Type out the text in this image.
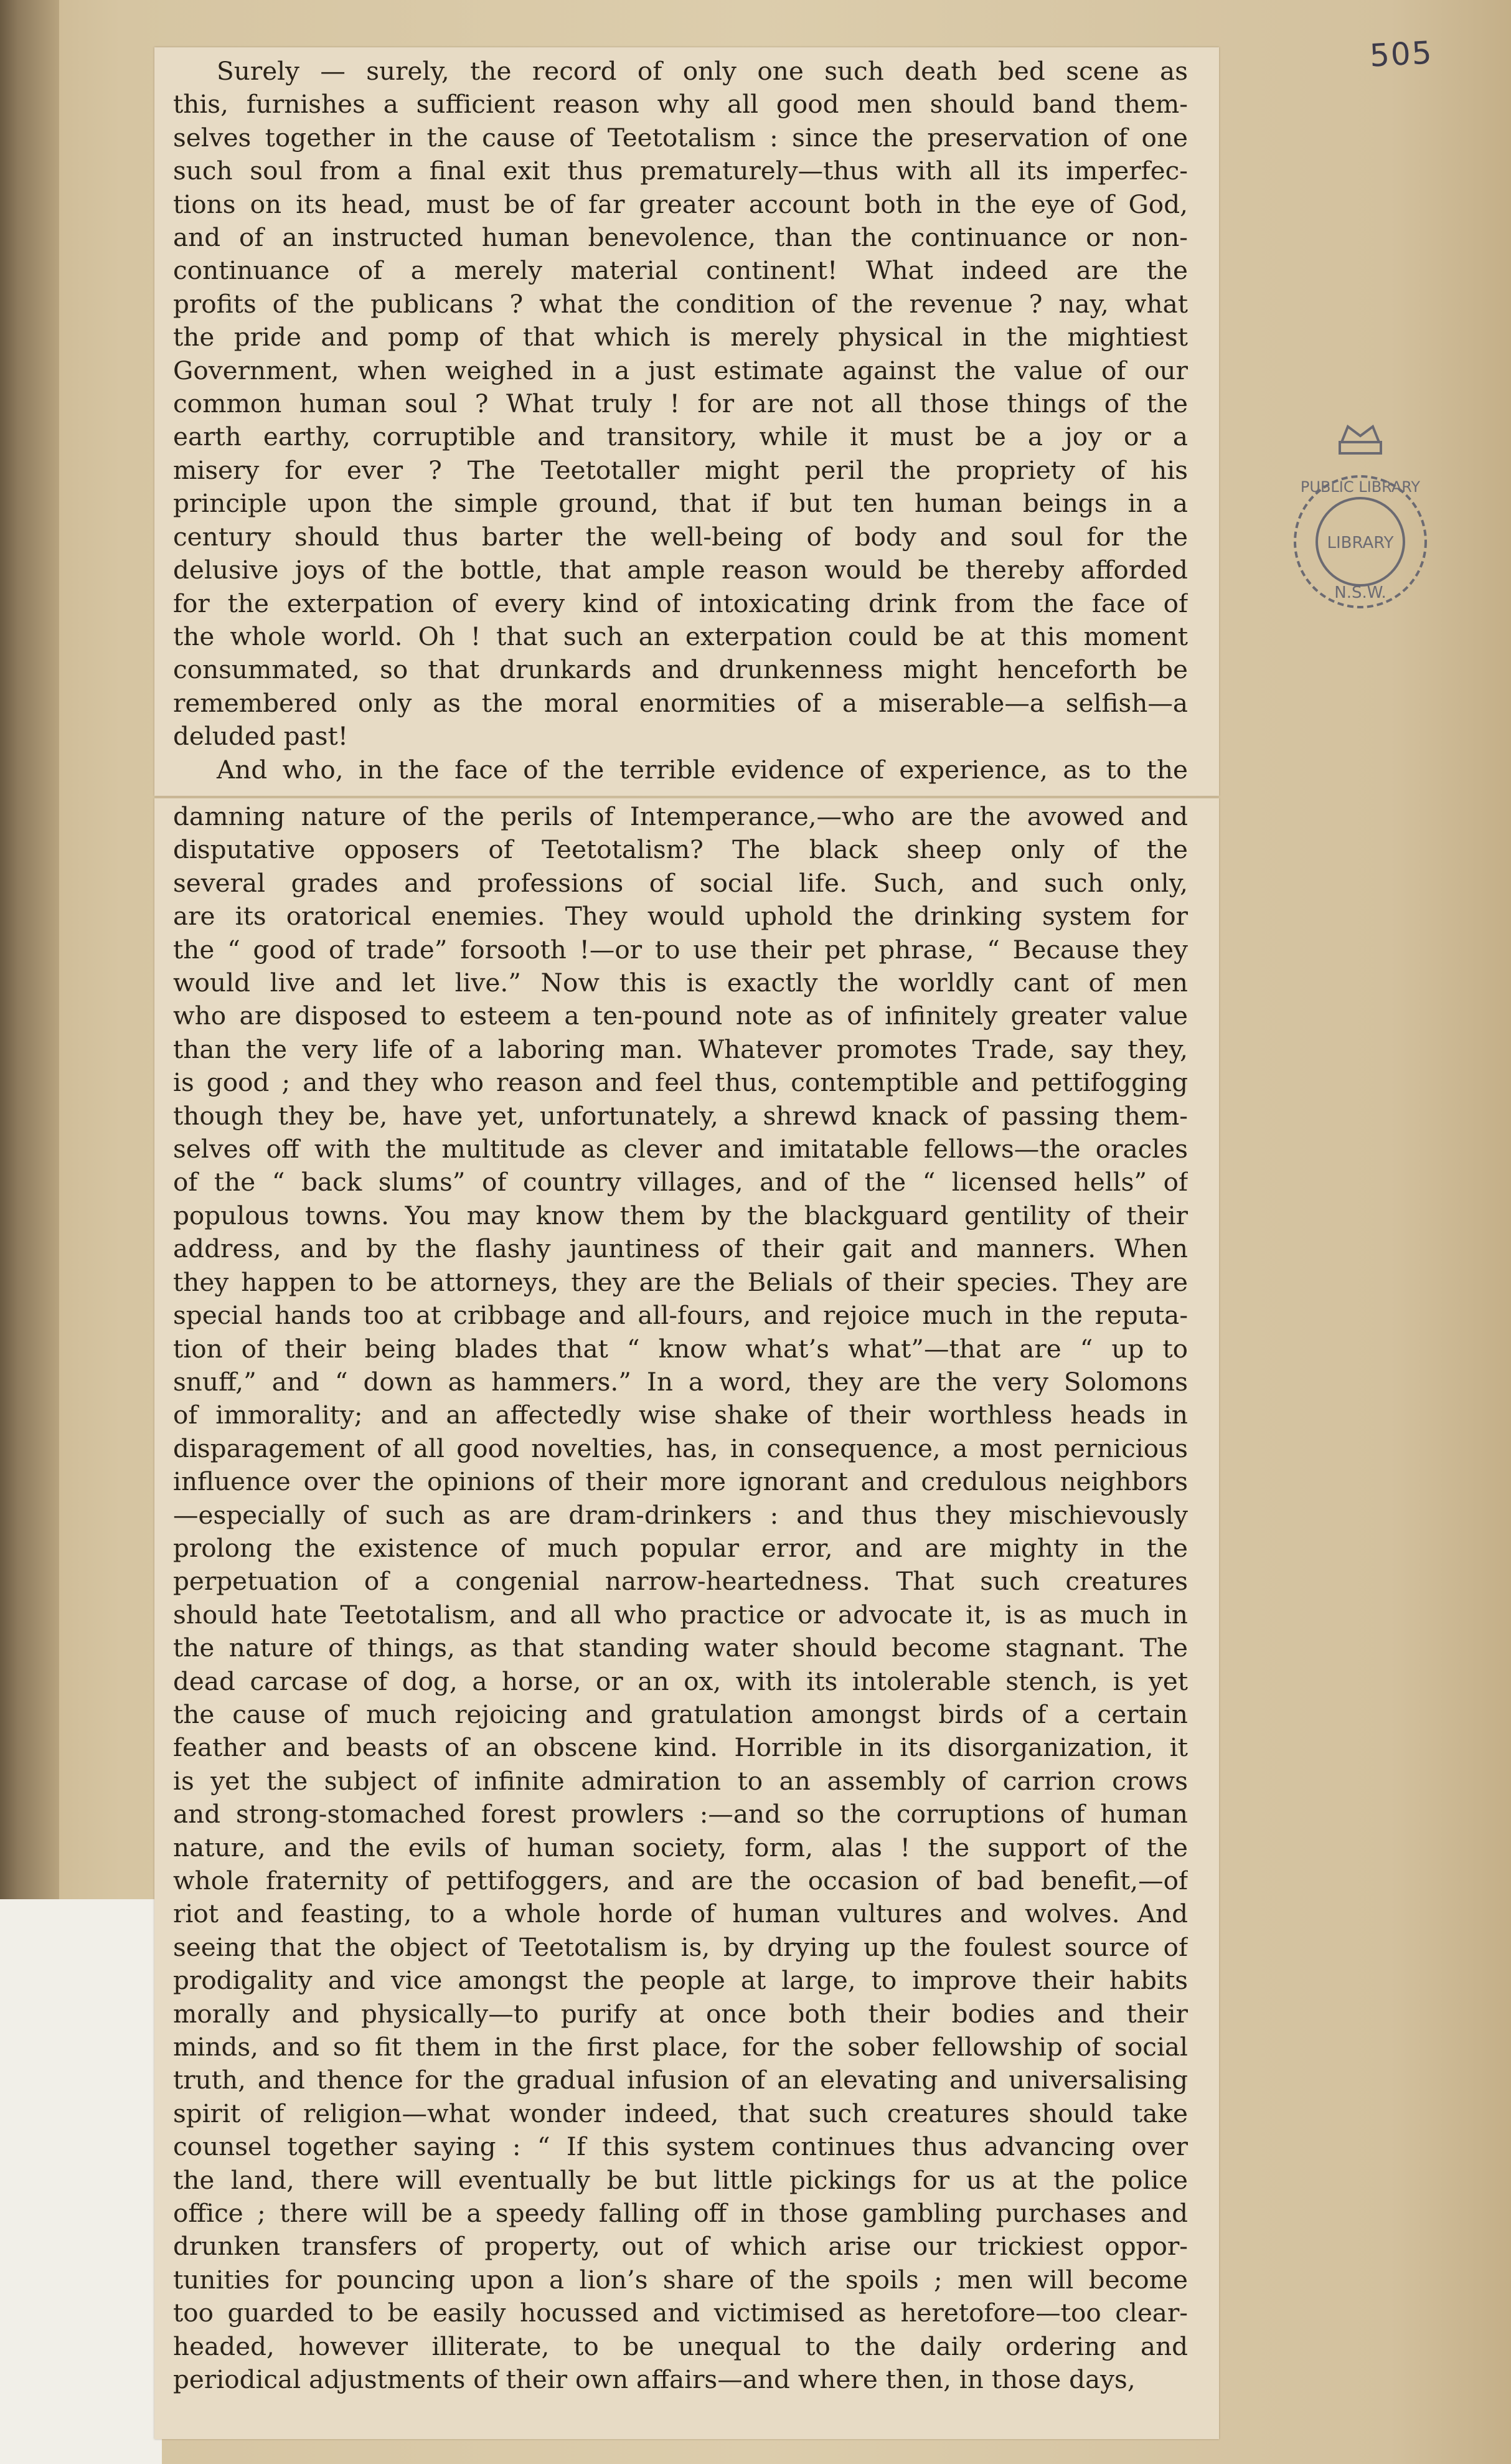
505
PUBLIC LIBRARY
LIBRARY
N.S.W.
Surely — surely, the record of only one such death bed scene as
this, furnishes a sufficient reason why all good men should band them-
selves together in the cause of Teetotalism : since the preservation of one
such soul from a final exit thus prematurely—thus with all its imperfec-
tions on its head, must be of far greater account both in the eye of God,
and of an instructed human benevolence, than the continuance or non-
continuance of a merely material continent! What indeed are the
profits of the publicans ? what the condition of the revenue ? nay, what
the pride and pomp of that which is merely physical in the mightiest
Government, when weighed in a just estimate against the value of our
common human soul ? What truly ! for are not all those things of the
earth earthy, corruptible and transitory, while it must be a joy or a
misery for ever ? The Teetotaller might peril the propriety of his
principle upon the simple ground, that if but ten human beings in a
century should thus barter the well-being of body and soul for the
delusive joys of the bottle, that ample reason would be thereby afforded
for the exterpation of every kind of intoxicating drink from the face of
the whole world. Oh ! that such an exterpation could be at this moment
consummated, so that drunkards and drunkenness might henceforth be
remembered only as the moral enormities of a miserable—a selfish—a
deluded past!
And who, in the face of the terrible evidence of experience, as to the
damning nature of the perils of Intemperance,—who are the avowed and
disputative opposers of Teetotalism? The black sheep only of the
several grades and professions of social life. Such, and such only,
are its oratorical enemies. They would uphold the drinking system for
the “ good of trade” forsooth !—or to use their pet phrase, “ Because they
would live and let live.” Now this is exactly the worldly cant of men
who are disposed to esteem a ten-pound note as of infinitely greater value
than the very life of a laboring man. Whatever promotes Trade, say they,
is good ; and they who reason and feel thus, contemptible and pettifogging
though they be, have yet, unfortunately, a shrewd knack of passing them-
selves off with the multitude as clever and imitatable fellows—the oracles
of the “ back slums” of country villages, and of the “ licensed hells” of
populous towns. You may know them by the blackguard gentility of their
address, and by the flashy jauntiness of their gait and manners. When
they happen to be attorneys, they are the Belials of their species. They are
special hands too at cribbage and all-fours, and rejoice much in the reputa-
tion of their being blades that “ know what’s what”—that are “ up to
snuff,” and “ down as hammers.” In a word, they are the very Solomons
of immorality; and an affectedly wise shake of their worthless heads in
disparagement of all good novelties, has, in consequence, a most pernicious
influence over the opinions of their more ignorant and credulous neighbors
—especially of such as are dram-drinkers : and thus they mischievously
prolong the existence of much popular error, and are mighty in the
perpetuation of a congenial narrow-heartedness. That such creatures
should hate Teetotalism, and all who practice or advocate it, is as much in
the nature of things, as that standing water should become stagnant. The
dead carcase of dog, a horse, or an ox, with its intolerable stench, is yet
the cause of much rejoicing and gratulation amongst birds of a certain
feather and beasts of an obscene kind. Horrible in its disorganization, it
is yet the subject of infinite admiration to an assembly of carrion crows
and strong-stomached forest prowlers :—and so the corruptions of human
nature, and the evils of human society, form, alas ! the support of the
whole fraternity of pettifoggers, and are the occasion of bad benefit,—of
riot and feasting, to a whole horde of human vultures and wolves. And
seeing that the object of Teetotalism is, by drying up the foulest source of
prodigality and vice amongst the people at large, to improve their habits
morally and physically—to purify at once both their bodies and their
minds, and so fit them in the first place, for the sober fellowship of social
truth, and thence for the gradual infusion of an elevating and universalising
spirit of religion—what wonder indeed, that such creatures should take
counsel together saying : “ If this system continues thus advancing over
the land, there will eventually be but little pickings for us at the police
office ; there will be a speedy falling off in those gambling purchases and
drunken transfers of property, out of which arise our trickiest oppor-
tunities for pouncing upon a lion’s share of the spoils ; men will become
too guarded to be easily hocussed and victimised as heretofore—too clear-
headed, however illiterate, to be unequal to the daily ordering and
periodical adjustments of their own affairs—and where then, in those days,
